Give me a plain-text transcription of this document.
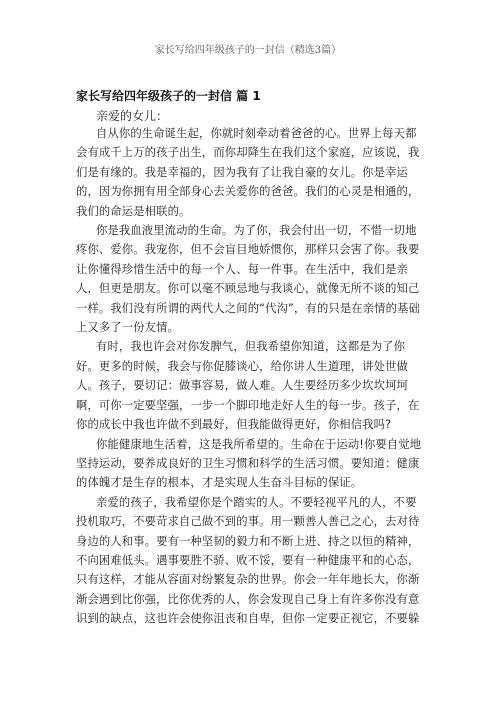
家长写给四年级孩子的一封信（精选3篇）
家长写给四年级孩子的一封信 篇 1
亲爱的女儿：

自从你的生命诞生起，你就时刻牵动着爸爸的心。世界上每天都会有成千上万的孩子出生，而你却降生在我们这个家庭，应该说，我们是有缘的。我是幸福的，因为我有了让我自豪的女儿。你是幸运的，因为你拥有用全部身心去关爱你的爸爸。我们的心灵是相通的，我们的命运是相联的。

你是我血液里流动的生命。为了你，我会付出一切，不惜一切地疼你、爱你。我宠你，但不会盲目地娇惯你，那样只会害了你。我要让你懂得珍惜生活中的每一个人、每一件事。在生活中，我们是亲人，但更是朋友。你可以毫不顾忌地与我谈心，就像无所不谈的知己一样。我们没有所谓的两代人之间的“代沟”，有的只是在亲情的基础上又多了一份友情。

有时，我也许会对你发脾气，但我希望你知道，这都是为了你好。更多的时候，我会与你促膝谈心，给你讲人生道理，讲处世做人。孩子，要切记：做事容易，做人难。人生要经历多少坎坎坷坷啊，可你一定要坚强，一步一个脚印地走好人生的每一步。孩子，在你的成长中我也许做不到最好，但我能做得更好，你相信我吗?

你能健康地生活着，这是我所希望的。生命在于运动!你要自觉地坚持运动，要养成良好的卫生习惯和科学的生活习惯。要知道：健康的体魄才是生存的根本，才是实现人生奋斗目标的保证。

亲爱的孩子，我希望你是个踏实的人。不要轻视平凡的人，不要投机取巧，不要苛求自己做不到的事。用一颗善人善己之心，去对待身边的人和事。要有一种坚韧的毅力和不断上进、持之以恒的精神，不向困难低头。遇事要胜不骄、败不馁，要有一种健康平和的心态，只有这样，才能从容面对纷繁复杂的世界。你会一年年地长大，你渐渐会遇到比你强，比你优秀的人，你会发现自己身上有许多你没有意识到的缺点，这也许会使你沮丧和自卑，但你一定要正视它，不要躲
